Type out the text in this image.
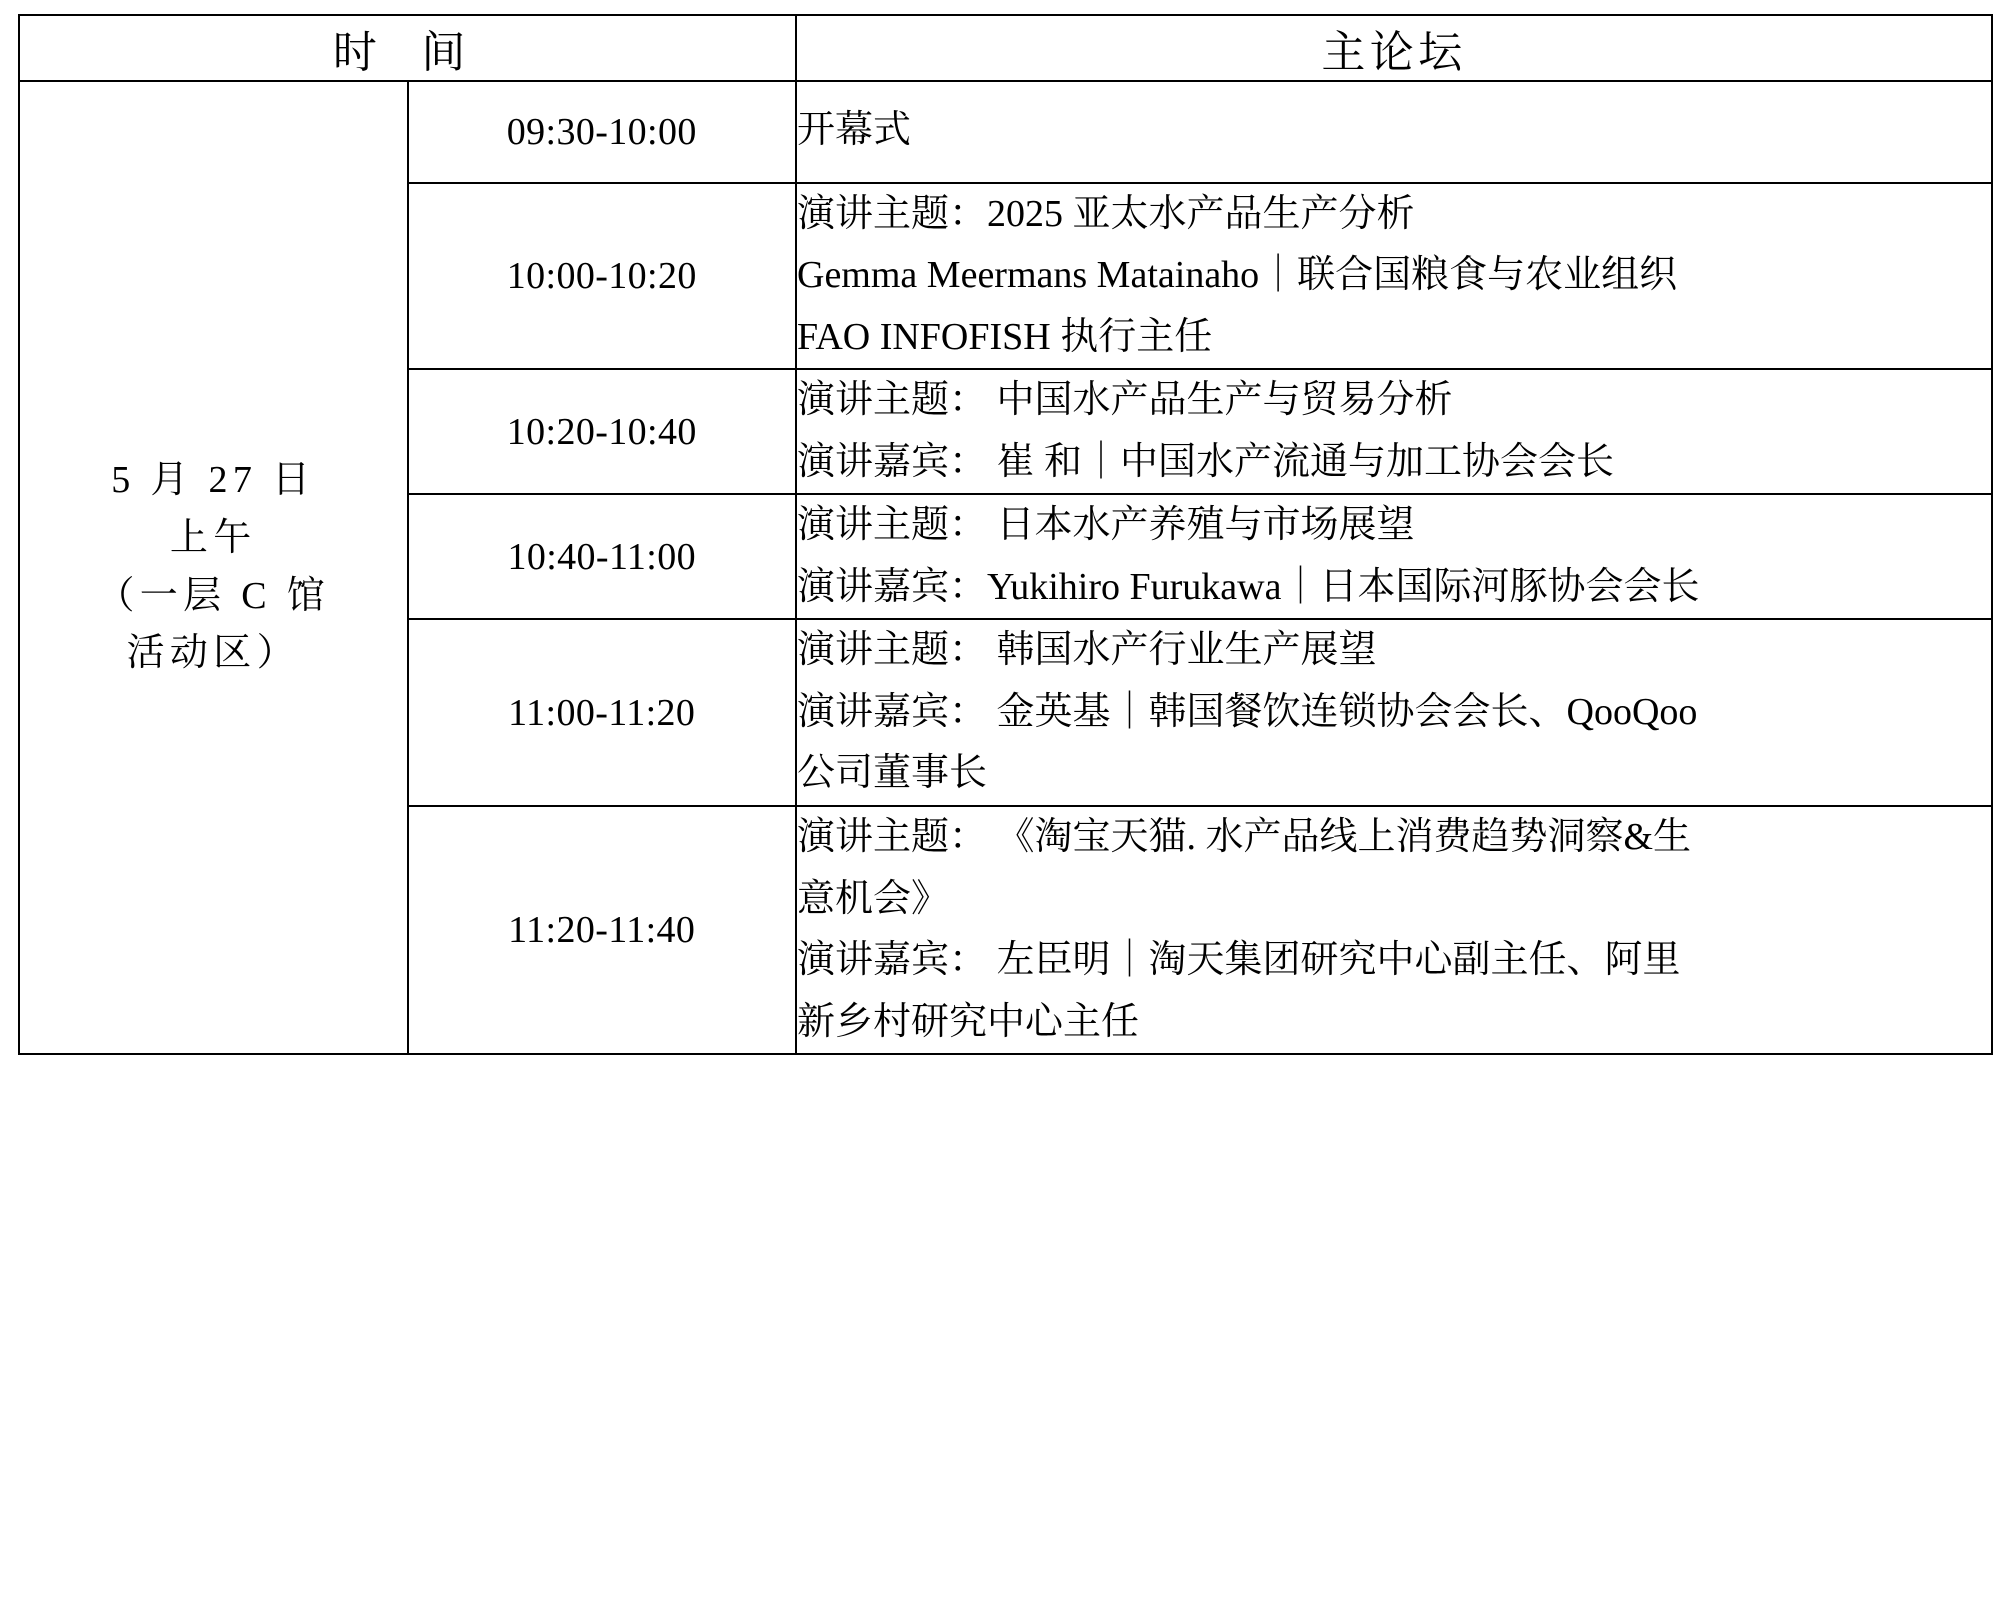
时 间		主论坛

5 月 27 日
上午
（一层 C 馆
活动区）	09:30-10:00	开幕式

	10:00-10:20	演讲主题：2025 亚太水产品生产分析
Gemma Meermans Matainaho｜联合国粮食与农业组织
FAO INFOFISH 执行主任

	10:20-10:40	演讲主题： 中国水产品生产与贸易分析
演讲嘉宾： 崔 和｜中国水产流通与加工协会会长

	10:40-11:00	演讲主题： 日本水产养殖与市场展望
演讲嘉宾：Yukihiro Furukawa｜日本国际河豚协会会长

	11:00-11:20	演讲主题： 韩国水产行业生产展望
演讲嘉宾： 金英基｜韩国餐饮连锁协会会长、QooQoo
公司董事长

	11:20-11:40	演讲主题： 《淘宝天猫. 水产品线上消费趋势洞察&生
意机会》
演讲嘉宾： 左臣明｜淘天集团研究中心副主任、阿里
新乡村研究中心主任
